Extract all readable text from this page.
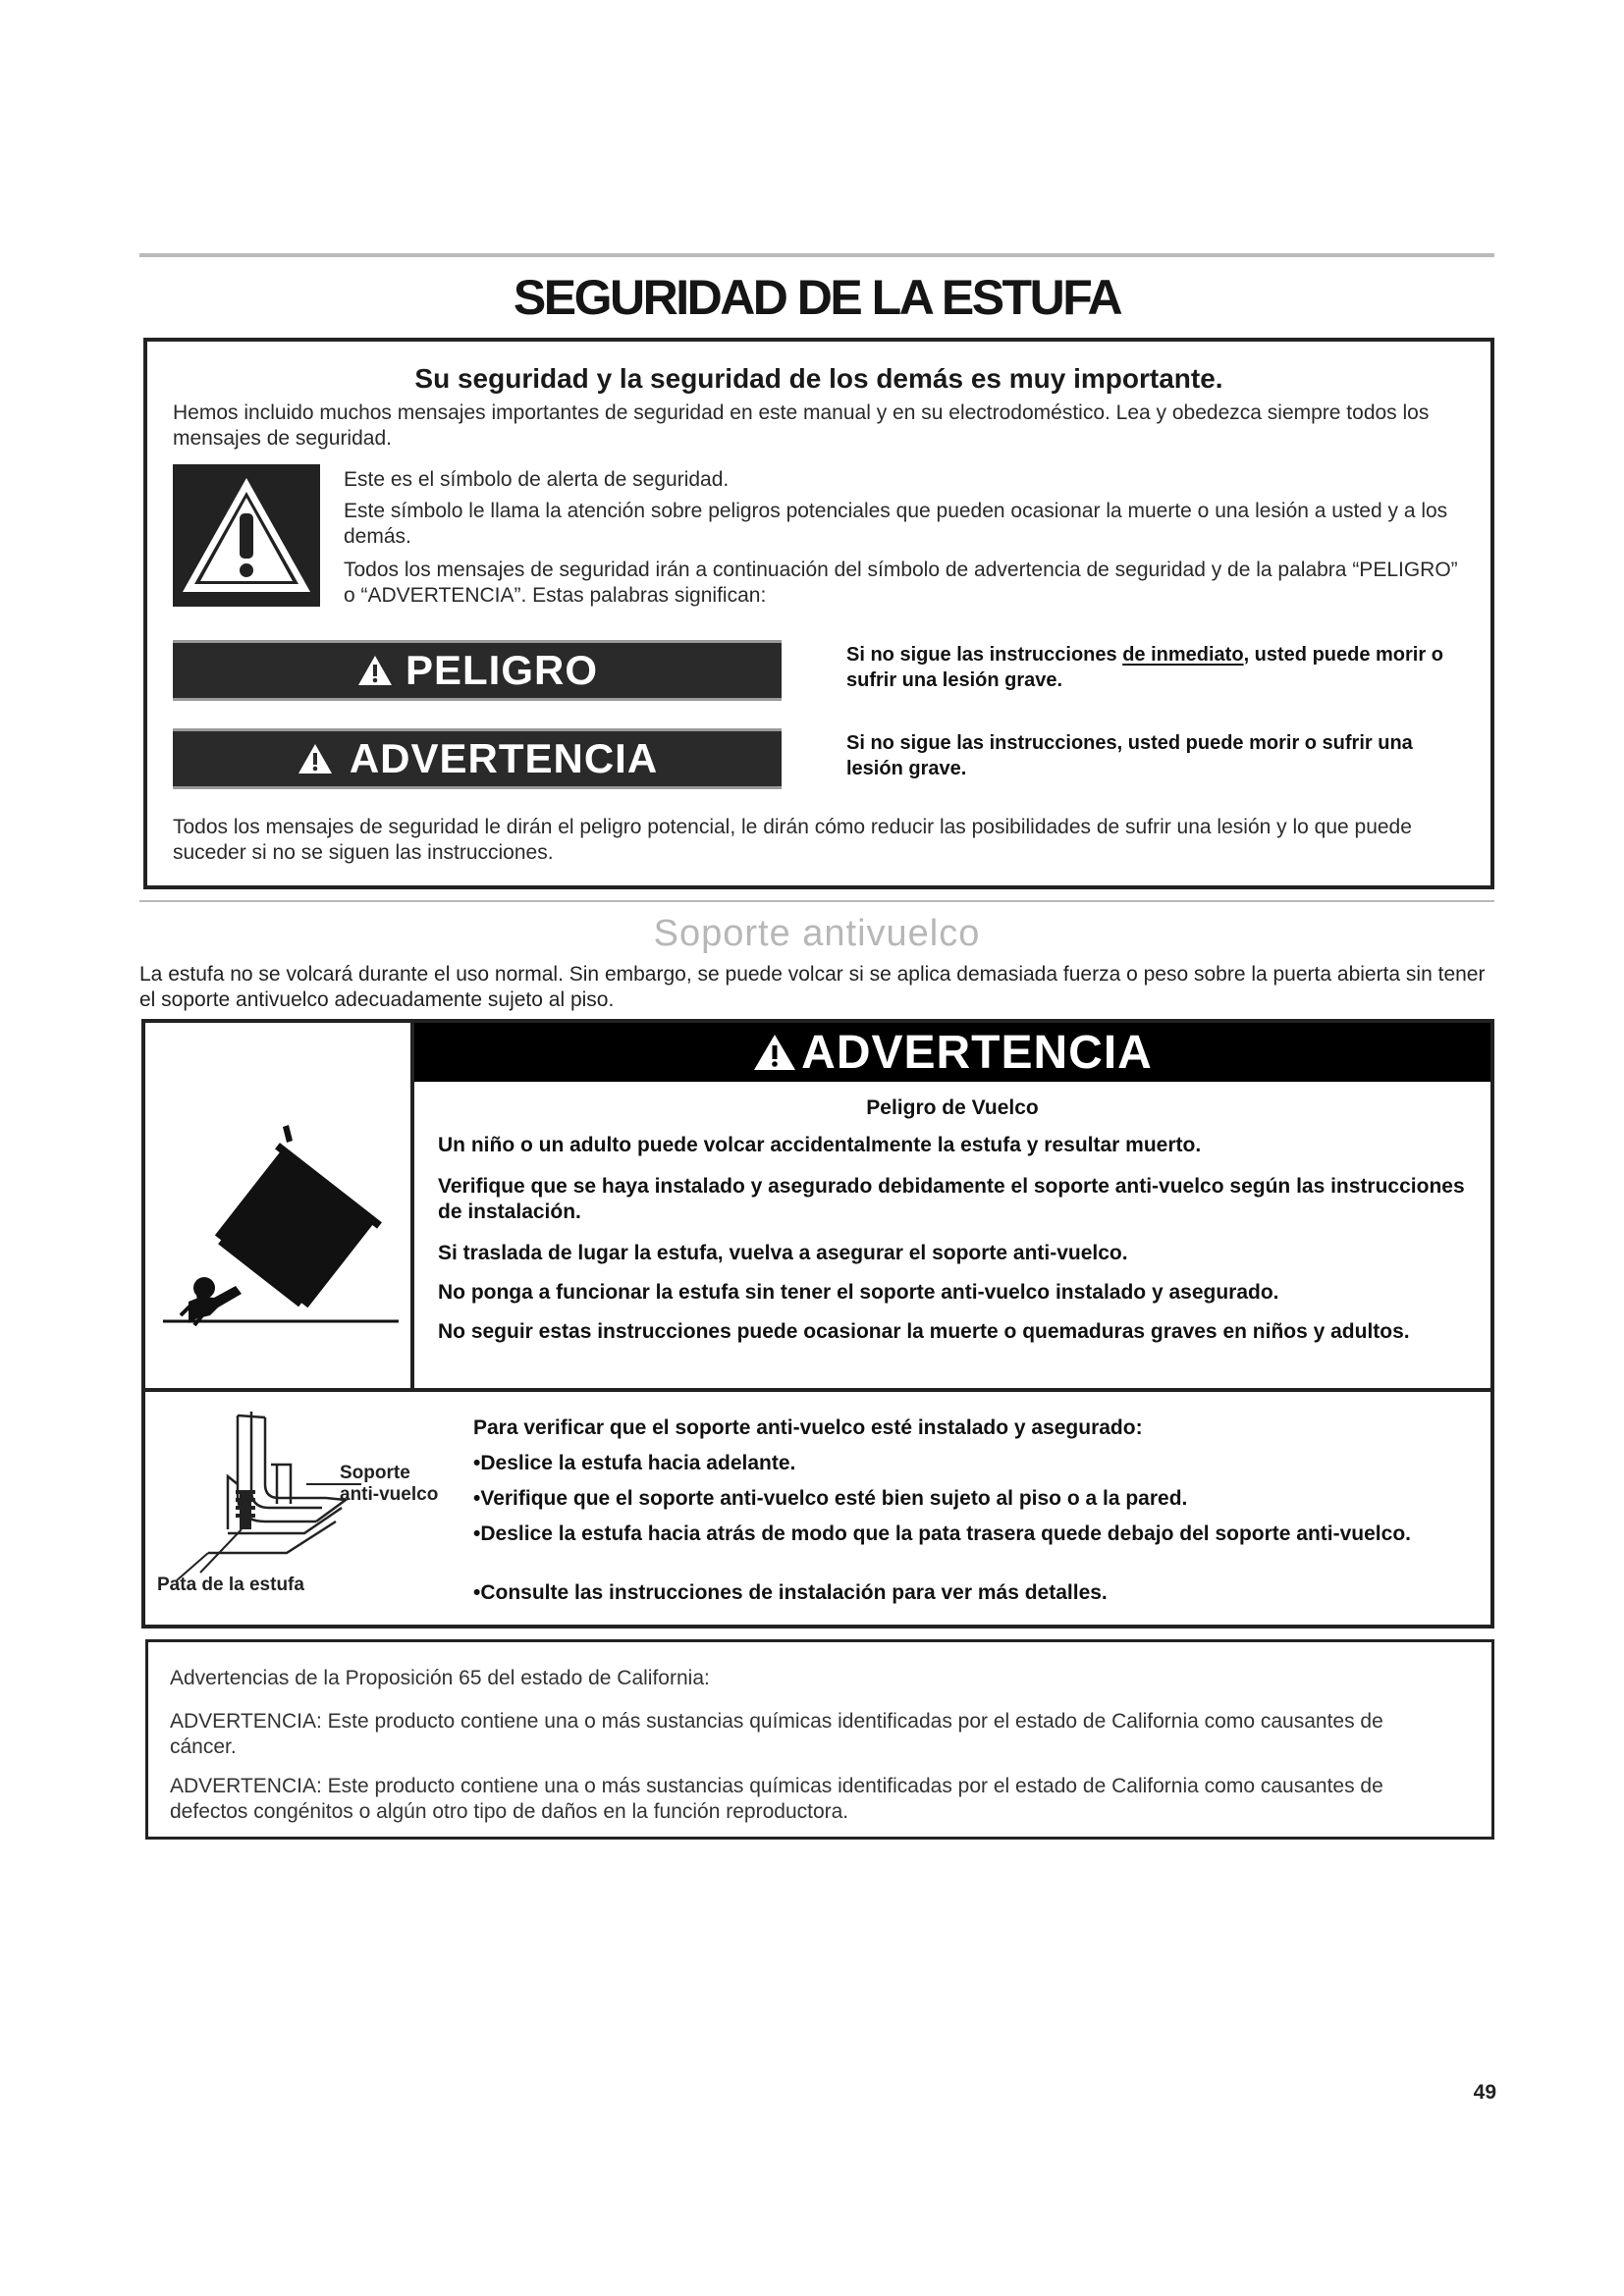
SEGURIDAD DE LA ESTUFA
Su seguridad y la seguridad de los demás es muy importante.
Hemos incluido muchos mensajes importantes de seguridad en este manual y en su electrodoméstico. Lea y obedezca siempre todos los mensajes de seguridad.
Este es el símbolo de alerta de seguridad.
Este símbolo le llama la atención sobre peligros potenciales que pueden ocasionar la muerte o una lesión a usted y a los demás.
Todos los mensajes de seguridad irán a continuación del símbolo de advertencia de seguridad y de la palabra “PELIGRO” o “ADVERTENCIA”. Estas palabras significan:
PELIGRO	Si no sigue las instrucciones de inmediato, usted puede morir o sufrir una lesión grave.
ADVERTENCIA	Si no sigue las instrucciones, usted puede morir o sufrir una lesión grave.
Todos los mensajes de seguridad le dirán el peligro potencial, le dirán cómo reducir las posibilidades de sufrir una lesión y lo que puede suceder si no se siguen las instrucciones.
Soporte antivuelco
La estufa no se volcará durante el uso normal. Sin embargo, se puede volcar si se aplica demasiada fuerza o peso sobre la puerta abierta sin tener el soporte antivuelco adecuadamente sujeto al piso.
ADVERTENCIA
Peligro de Vuelco
Un niño o un adulto puede volcar accidentalmente la estufa y resultar muerto.
Verifique que se haya instalado y asegurado debidamente el soporte anti-vuelco según las instrucciones de instalación.
Si traslada de lugar la estufa, vuelva a asegurar el soporte anti-vuelco.
No ponga a funcionar la estufa sin tener el soporte anti-vuelco instalado y asegurado.
No seguir estas instrucciones puede ocasionar la muerte o quemaduras graves en niños y adultos.
Soporte
anti-vuelco
Pata de la estufa
Para verificar que el soporte anti-vuelco esté instalado y asegurado:
•Deslice la estufa hacia adelante.
•Verifique que el soporte anti-vuelco esté bien sujeto al piso o a la pared.
•Deslice la estufa hacia atrás de modo que la pata trasera quede debajo del soporte anti-vuelco.
•Consulte las instrucciones de instalación para ver más detalles.
Advertencias de la Proposición 65 del estado de California:
ADVERTENCIA: Este producto contiene una o más sustancias químicas identificadas por el estado de California como causantes de cáncer.
ADVERTENCIA: Este producto contiene una o más sustancias químicas identificadas por el estado de California como causantes de defectos congénitos o algún otro tipo de daños en la función reproductora.
49
